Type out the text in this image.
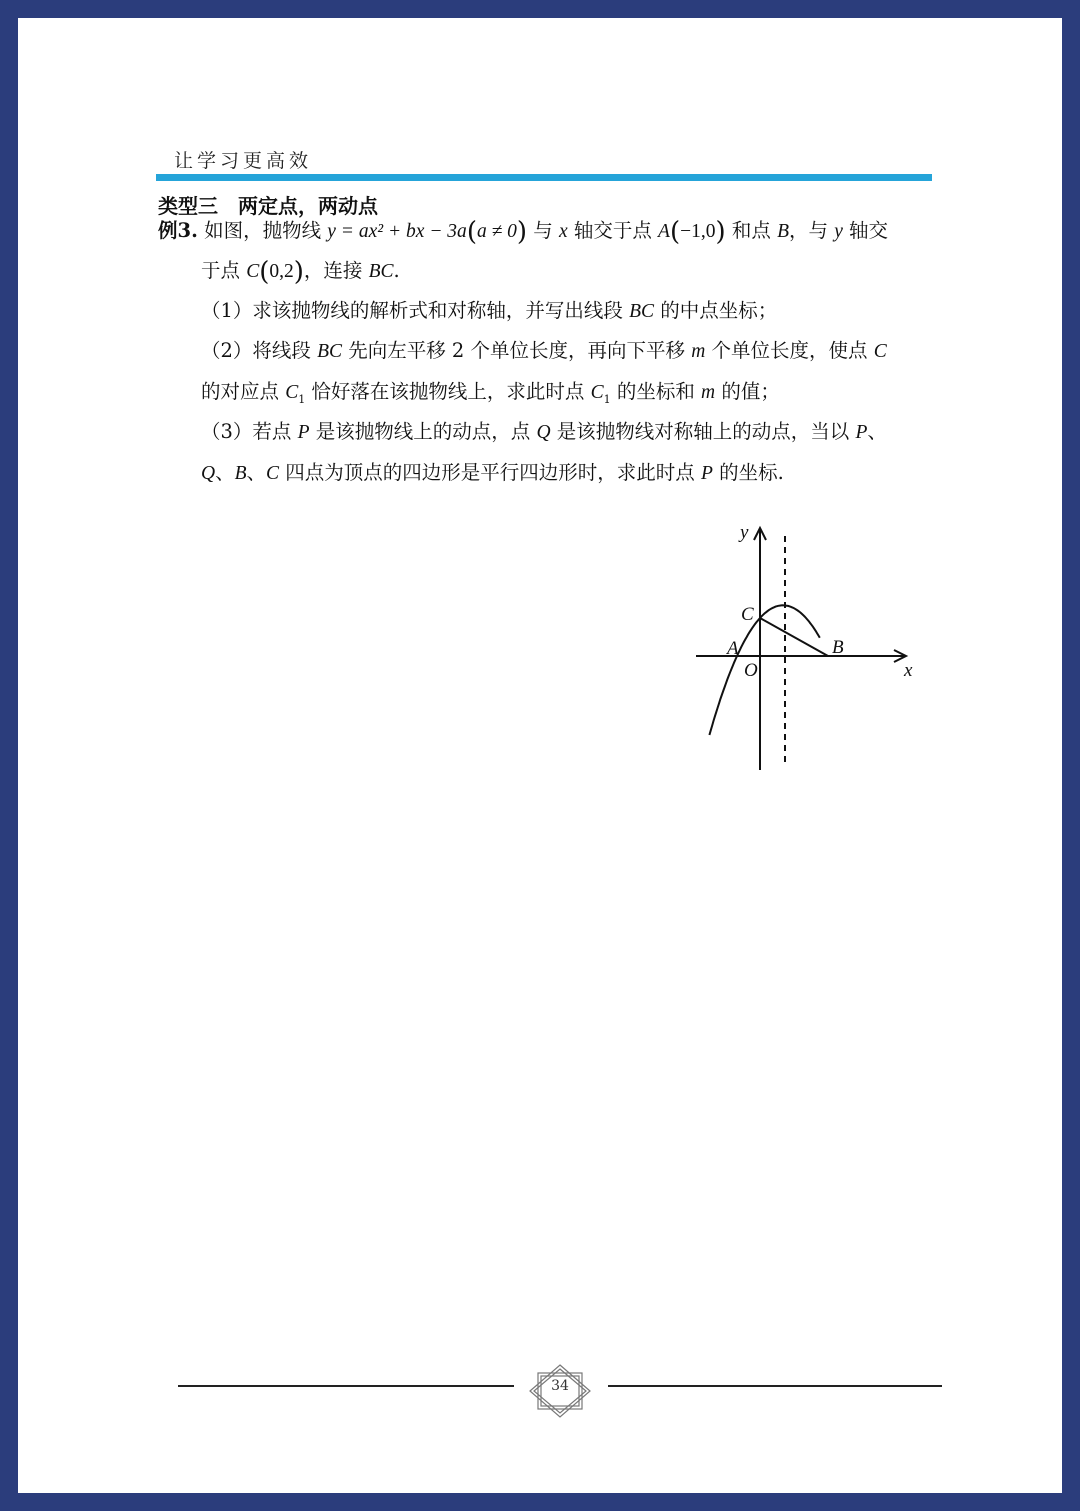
让学习更高效
类型三　两定点，两动点
例3. 如图，抛物线 y = ax² + bx − 3a(a ≠ 0) 与 x 轴交于点 A(−1,0) 和点 B，与 y 轴交
于点 C(0,2)，连接 BC.
（1）求该抛物线的解析式和对称轴，并写出线段 BC 的中点坐标；
（2）将线段 BC 先向左平移 2 个单位长度，再向下平移 m 个单位长度，使点 C
的对应点 $C_1$ 恰好落在该抛物线上，求此时点 $C_1$ 的坐标和 m 的值；
（3）若点 P 是该抛物线上的动点，点 Q 是该抛物线对称轴上的动点，当以 P、
Q、B、C 四点为顶点的四边形是平行四边形时，求此时点 P 的坐标.
y
x
C
A
O
B
34
